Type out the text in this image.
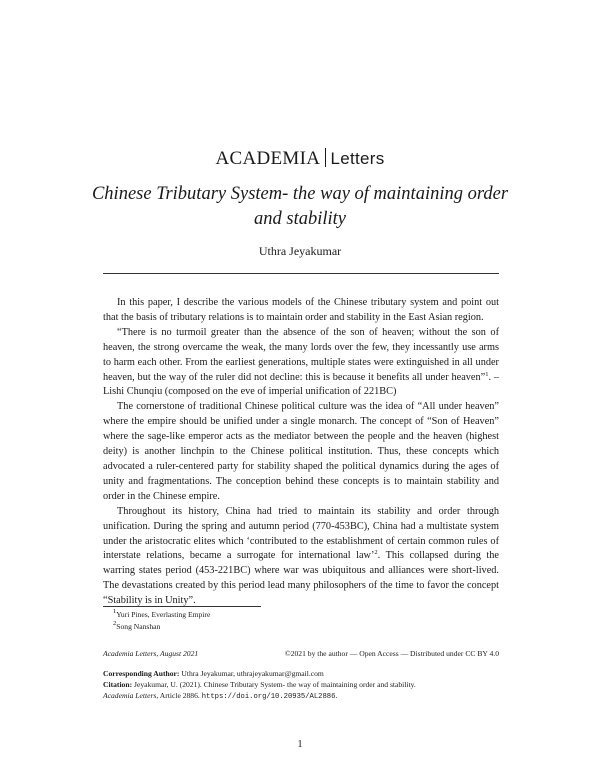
ACADEMIA Letters
Chinese Tributary System- the way of maintaining order and stability
Uthra Jeyakumar

In this paper, I describe the various models of the Chinese tributary system and point out that the basis of tributary relations is to maintain order and stability in the East Asian region.

“There is no turmoil greater than the absence of the son of heaven; without the son of heaven, the strong overcame the weak, the many lords over the few, they incessantly use arms to harm each other. From the earliest generations, multiple states were extinguished in all under heaven, but the way of the ruler did not decline: this is because it benefits all under heaven”$^1$. – Lishi Chunqiu (composed on the eve of imperial unification of 221BC)

The cornerstone of traditional Chinese political culture was the idea of “All under heaven” where the empire should be unified under a single monarch. The concept of “Son of Heaven” where the sage-like emperor acts as the mediator between the people and the heaven (highest deity) is another linchpin to the Chinese political institution. Thus, these concepts which advocated a ruler-centered party for stability shaped the political dynamics during the ages of unity and fragmentations. The conception behind these concepts is to maintain stability and order in the Chinese empire.

Throughout its history, China had tried to maintain its stability and order through unification. During the spring and autumn period (770-453BC), China had a multistate system under the aristocratic elites which ‘contributed to the establishment of certain common rules of interstate relations, became a surrogate for international law’$^2$. This collapsed during the warring states period (453-221BC) where war was ubiquitous and alliances were short-lived. The devastations created by this period lead many philosophers of the time to favor the concept “Stability is in Unity”.

$^1$Yuri Pines, Everlasting Empire
$^2$Song Nanshan
Academia Letters, August 2021	©2021 by the author — Open Access — Distributed under CC BY 4.0
Corresponding Author: Uthra Jeyakumar, uthrajeyakumar@gmail.com
Citation: Jeyakumar, U. (2021). Chinese Tributary System- the way of maintaining order and stability.
Academia Letters, Article 2886. https://doi.org/10.20935/AL2886.
1
